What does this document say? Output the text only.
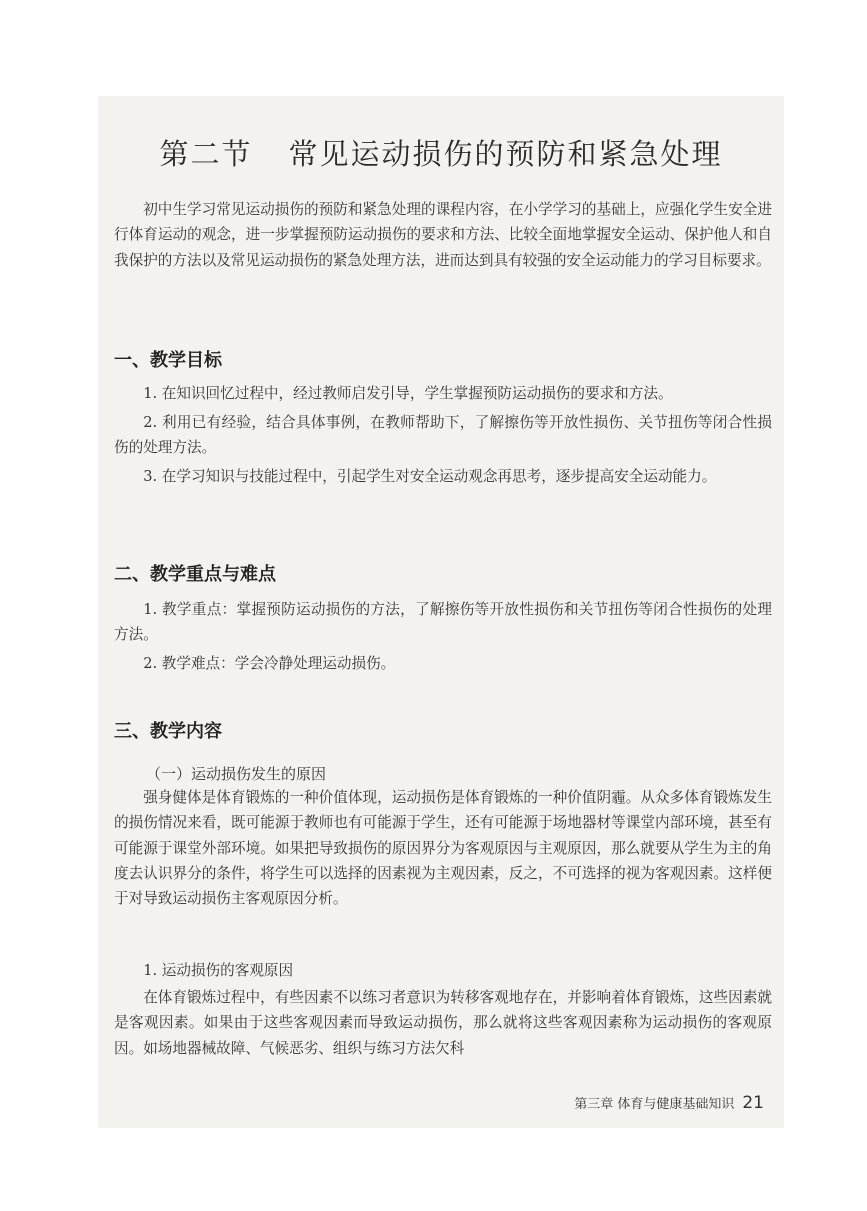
第二节 常见运动损伤的预防和紧急处理

初中生学习常见运动损伤的预防和紧急处理的课程内容，在小学学习的基础上，应强化学生安全进行体育运动的观念，进一步掌握预防运动损伤的要求和方法、比较全面地掌握安全运动、保护他人和自我保护的方法以及常见运动损伤的紧急处理方法，进而达到具有较强的安全运动能力的学习目标要求。

一、教学目标

1. 在知识回忆过程中，经过教师启发引导，学生掌握预防运动损伤的要求和方法。

2. 利用已有经验，结合具体事例，在教师帮助下，了解擦伤等开放性损伤、关节扭伤等闭合性损伤的处理方法。

3. 在学习知识与技能过程中，引起学生对安全运动观念再思考，逐步提高安全运动能力。

二、教学重点与难点

1. 教学重点：掌握预防运动损伤的方法，了解擦伤等开放性损伤和关节扭伤等闭合性损伤的处理方法。

2. 教学难点：学会冷静处理运动损伤。

三、教学内容

（一）运动损伤发生的原因

强身健体是体育锻炼的一种价值体现，运动损伤是体育锻炼的一种价值阴霾。从众多体育锻炼发生的损伤情况来看，既可能源于教师也有可能源于学生，还有可能源于场地器材等课堂内部环境，甚至有可能源于课堂外部环境。如果把导致损伤的原因界分为客观原因与主观原因，那么就要从学生为主的角度去认识界分的条件，将学生可以选择的因素视为主观因素，反之，不可选择的视为客观因素。这样便于对导致运动损伤主客观原因分析。

1. 运动损伤的客观原因

在体育锻炼过程中，有些因素不以练习者意识为转移客观地存在，并影响着体育锻炼，这些因素就是客观因素。如果由于这些客观因素而导致运动损伤，那么就将这些客观因素称为运动损伤的客观原因。如场地器械故障、气候恶劣、组织与练习方法欠科

第三章 体育与健康基础知识 21
